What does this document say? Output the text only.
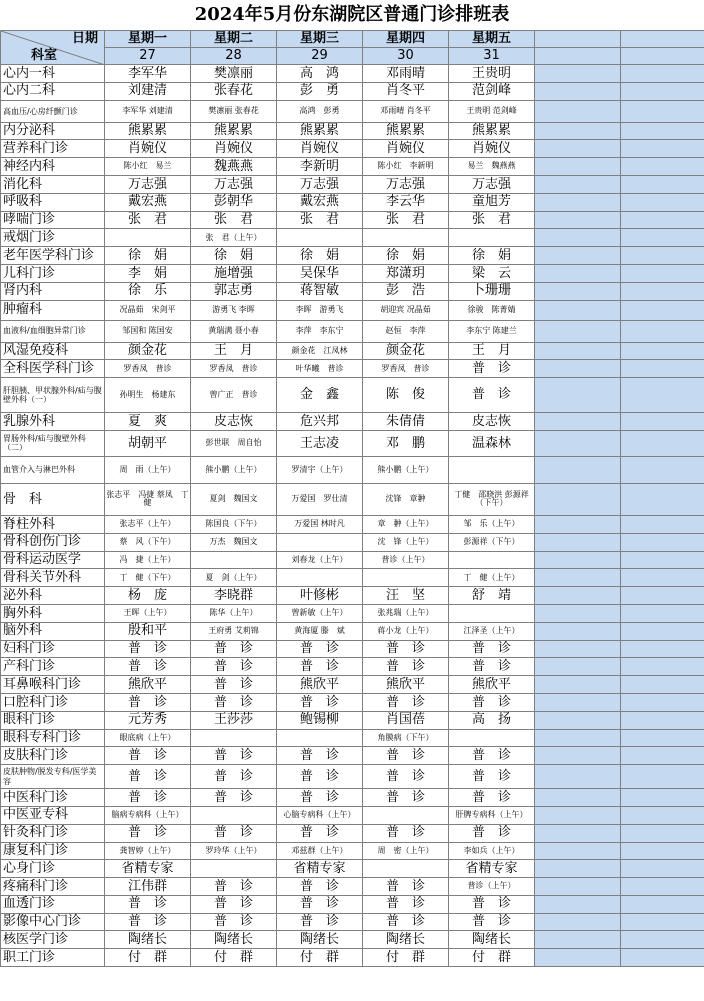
2024年5月份东湖院区普通门诊排班表
日期
科室	星期一	星期二	星期三	星期四	星期五		
	27	28	29	30	31		
心内一科	李军华	樊凛丽	高　鸿	邓雨晴	王贵明		
心内二科	刘建清	张春花	彭　勇	肖冬平	范剑峰		
高血压/心房纤颤门诊	李军华 刘建清	樊凛丽 张春花	高鸿　彭勇	邓雨晴 肖冬平	王贵明 范剑峰		
内分泌科	熊累累	熊累累	熊累累	熊累累	熊累累		
营养科门诊	肖婉仪	肖婉仪	肖婉仪	肖婉仪	肖婉仪		
神经内科	陈小红　易兰	魏燕燕	李新明	陈小红　李新明	易兰　魏燕燕		
消化科	万志强	万志强	万志强	万志强	万志强		
呼吸科	戴宏燕	彭朝华	戴宏燕	李云华	童旭芳		
哮喘门诊	张　君	张　君	张　君	张　君	张　君		
戒烟门诊		张　君（上午）					
老年医学科门诊	徐　娟	徐　娟	徐　娟	徐　娟	徐　娟		
儿科门诊	李　娟	施增强	吴保华	郑潇玥	梁　云		
肾内科	徐　乐	郭志勇	蒋智敏	彭　浩	卜珊珊		
肿瘤科	况晶茹　宋剑平	游勇飞 李晖	李晖　游勇飞	胡迎宾 况晶茹	徐骏　陈菁婧		
血液科/血细胞异常门诊	邹国和 陈国安	黄瑞满 聂小春	李萍　李东宁	赵恒　李萍	李东宁 陈建兰		
风湿免疫科	颜金花	王　月	颜金花　江凤林	颜金花	王　月		
全科医学科门诊	罗香凤　普诊	罗香凤　普诊	叶华曦　普诊	罗香凤　普诊	普　诊		
肝胆胰、甲状腺外科/疝与腹壁外科（一）	孙明生　杨建东	曾广正　普诊	金　鑫	陈　俊	普　诊		
乳腺外科	夏　爽	皮志恢	危兴邦	朱倩倩	皮志恢		
胃肠外科/疝与腹壁外科（二）	胡朝平	彭世联　周自怡	王志凌	邓　鹏	温森林		
血管介入与淋巴外科	周　雨（上午）	熊小鹏（上午）	罗清宇（上午）	熊小鹏（上午）			
骨　科	张志平　冯捷 蔡凤　丁健	夏剑　魏国文	万爱国　罗仕清	沈锋　章翀	丁健　邵晓洪 彭源祥（下午）		
脊柱外科	张志平（上午）	陈国良（下午）	万爱国 林时凡	章　翀（上午）	邹　乐（上午）		
骨科创伤门诊	蔡　风（下午）	万杰　魏国文		沈　锋（上午）	彭源祥（下午）		
骨科运动医学	冯　捷（上午）		刘春龙（上午）	普诊（上午）			
骨科关节外科	丁　健（下午）	夏　剑（上午）			丁　健（上午）		
泌外科	杨　庞	李晓群	叶修彬	汪　坚	舒　靖		
胸外科	王晖（上午）	陈华（上午）	曾新敏（上午）	张兆瑞（上午）			
脑外科	殷和平	王府勇 艾莉锦	黄海厦 滕　斌	蒋小龙（上午）	江泽圣（上午）		
妇科门诊	普　诊	普　诊	普　诊	普　诊	普　诊		
产科门诊	普　诊	普　诊	普　诊	普　诊	普　诊		
耳鼻喉科门诊	熊欣平	普　诊	熊欣平	熊欣平	熊欣平		
口腔科门诊	普　诊	普　诊	普　诊	普　诊	普　诊		
眼科门诊	元芳秀	王莎莎	鲍锡柳	肖国蓓	高　扬		
眼科专科门诊	眼底病（上午）			角膜病（下午）			
皮肤科门诊	普　诊	普　诊	普　诊	普　诊	普　诊		
皮肤肿物/脱发专科/医学美容	普　诊	普　诊	普　诊	普　诊	普　诊		
中医科门诊	普　诊	普　诊	普　诊	普　诊	普　诊		
中医亚专科	脑病专病科（上午）		心脑专病科（上午）		肝脾专病科（上午）		
针灸科门诊	普　诊	普　诊	普　诊	普　诊	普　诊		
康复科门诊	龚智婷（上午）	罗玲华（上午）	邓兹群（上午）	周　密（上午）	李如兵（上午）		
心身门诊	省精专家		省精专家		省精专家		
疼痛科门诊	江伟群	普　诊	普　诊	普　诊	普诊（上午）		
血透门诊	普　诊	普　诊	普　诊	普　诊	普　诊		
影像中心门诊	普　诊	普　诊	普　诊	普　诊	普　诊		
核医学门诊	陶绪长	陶绪长	陶绪长	陶绪长	陶绪长		
职工门诊	付　群	付　群	付　群	付　群	付　群		
